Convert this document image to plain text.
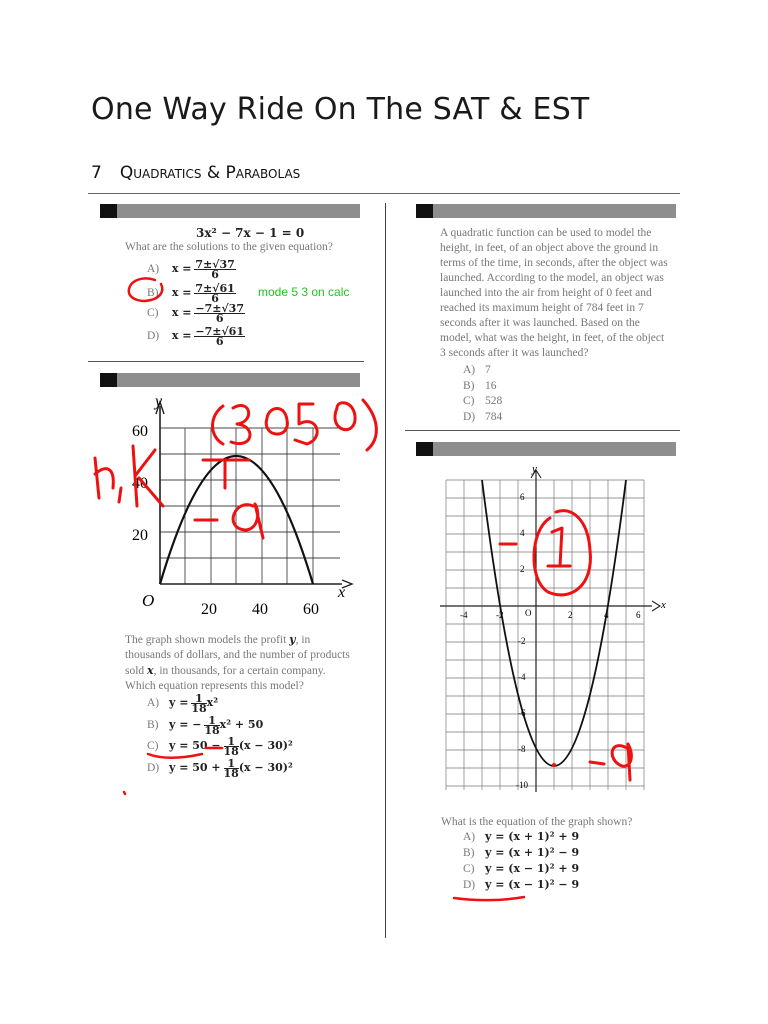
One Way Ride On The SAT & EST
7 Quadratics & Parabolas
3x² − 7x − 1 = 0
What are the solutions to the given equation?
A) $x = \frac{7\pm√37}{6}$
B) $x = \frac{7\pm√61}{6}$
C) $x = \frac{-7\pm√37}{6}$
D) $x = \frac{-7\pm√61}{6}$
mode 5 3 on calc
A quadratic function can be used to model the
height, in feet, of an object above the ground in
terms of the time, in seconds, after the object was
launched. According to the model, an object was
launched into the air from height of 0 feet and
reached its maximum height of 784 feet in 7
seconds after it was launched. Based on the
model, what was the height, in feet, of the object
3 seconds after it was launched?
A) 7
B) 16
C) 528
D) 784
y
x
O
60
40
20
20 40 60
The graph shown models the profit y, in
thousands of dollars, and the number of products
sold x, in thousands, for a certain company.
Which equation represents this model?
A) $y = \frac{1}{18} x^2$
B) y = − $\frac{1}{18} x^2 + 50$
C) $y = 50 - \frac{1}{18} (x - 30)^2$
D) $y = 50 + \frac{1}{18} (x - 30)^2$
y
x
O
6
4
2
-2
-4
-6
-8
-10
-4	-2	2	4	6
What is the equation of the graph shown?
A) y = (x + 1)² + 9
B) y = (x + 1)² − 9
C) y = (x − 1)² + 9
D) y = (x − 1)² − 9
